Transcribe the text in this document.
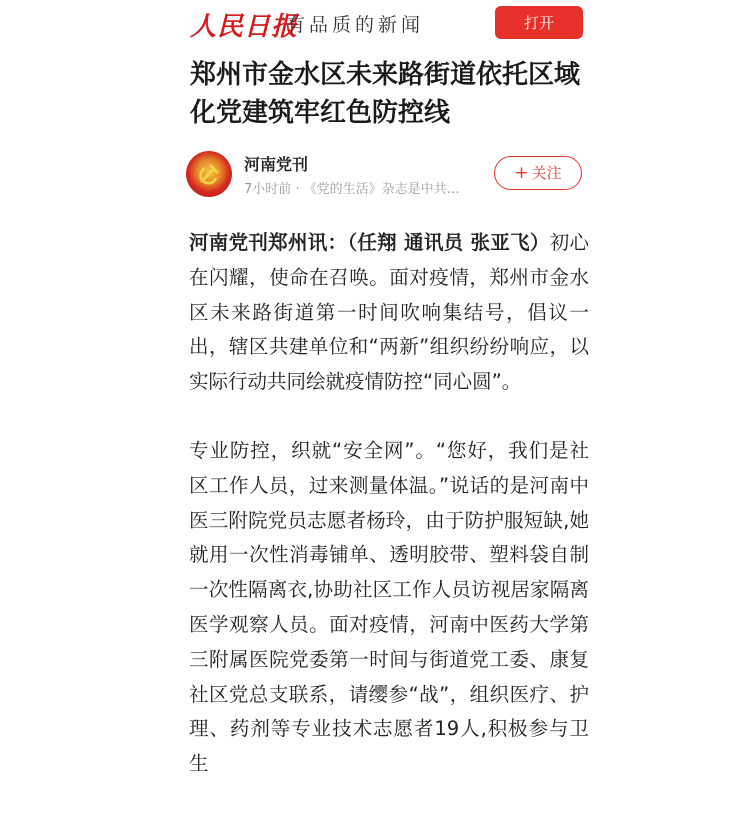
人民日报
有品质的新闻	打开
郑州市金水区未来路街道依托区域化党建筑牢红色防控线
河南党刊
7小时前 · 《党的生活》杂志是中共…
+ 关注

河南党刊郑州讯：（任翔 通讯员 张亚飞）初心在闪耀，使命在召唤。面对疫情，郑州市金水区未来路街道第一时间吹响集结号，倡议一出，辖区共建单位和“两新”组织纷纷响应，以实际行动共同绘就疫情防控“同心圆”。

专业防控，织就“安全网”。“您好，我们是社区工作人员，过来测量体温。”说话的是河南中医三附院党员志愿者杨玲，由于防护服短缺,她就用一次性消毒铺单、透明胶带、塑料袋自制一次性隔离衣,协助社区工作人员访视居家隔离医学观察人员。面对疫情，河南中医药大学第三附属医院党委第一时间与街道党工委、康复社区党总支联系，请缨参“战”，组织医疗、护理、药剂等专业技术志愿者19人,积极参与卫生
